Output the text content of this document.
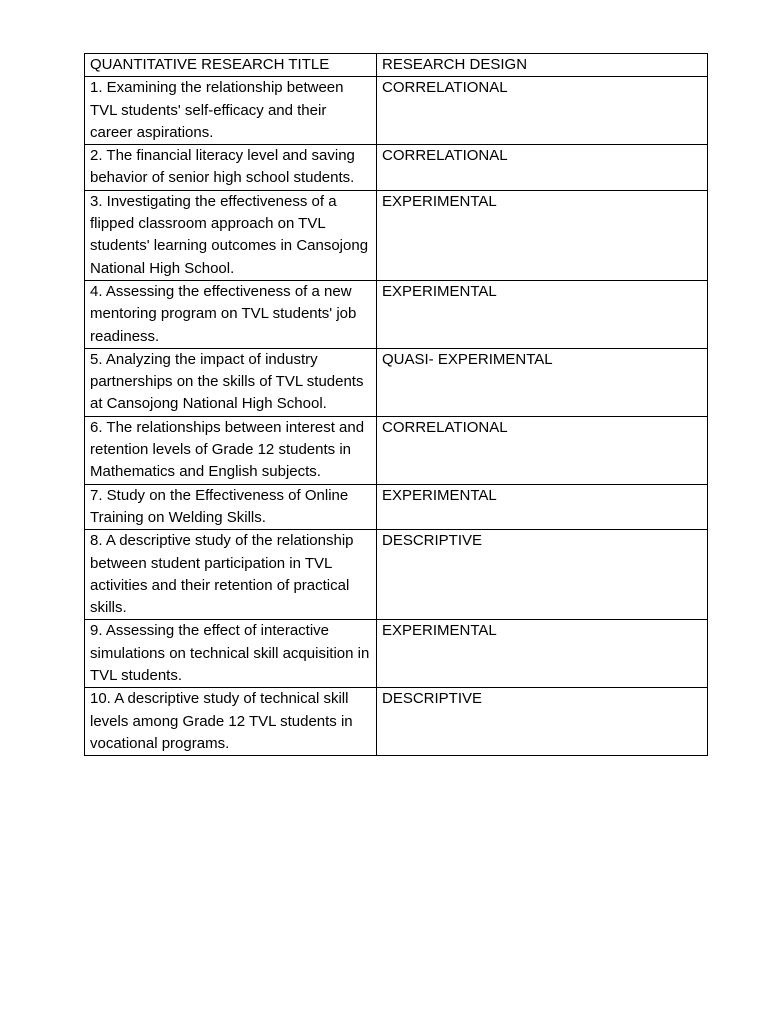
QUANTITATIVE RESEARCH TITLE	RESEARCH DESIGN
1. Examining the relationship between TVL students' self-efficacy and their career aspirations.	CORRELATIONAL
2. The financial literacy level and saving behavior of senior high school students.	CORRELATIONAL
3. Investigating the effectiveness of a flipped classroom approach on TVL students' learning outcomes in Cansojong National High School.	EXPERIMENTAL
4. Assessing the effectiveness of a new mentoring program on TVL students' job readiness.	EXPERIMENTAL
5. Analyzing the impact of industry partnerships on the skills of TVL students at Cansojong National High School.	QUASI- EXPERIMENTAL
6. The relationships between interest and retention levels of Grade 12 students in Mathematics and English subjects.	CORRELATIONAL
7. Study on the Effectiveness of Online Training on Welding Skills.	EXPERIMENTAL
8. A descriptive study of the relationship between student participation in TVL activities and their retention of practical skills.	DESCRIPTIVE
9. Assessing the effect of interactive simulations on technical skill acquisition in TVL students.	EXPERIMENTAL
10. A descriptive study of technical skill levels among Grade 12 TVL students in vocational programs.	DESCRIPTIVE
